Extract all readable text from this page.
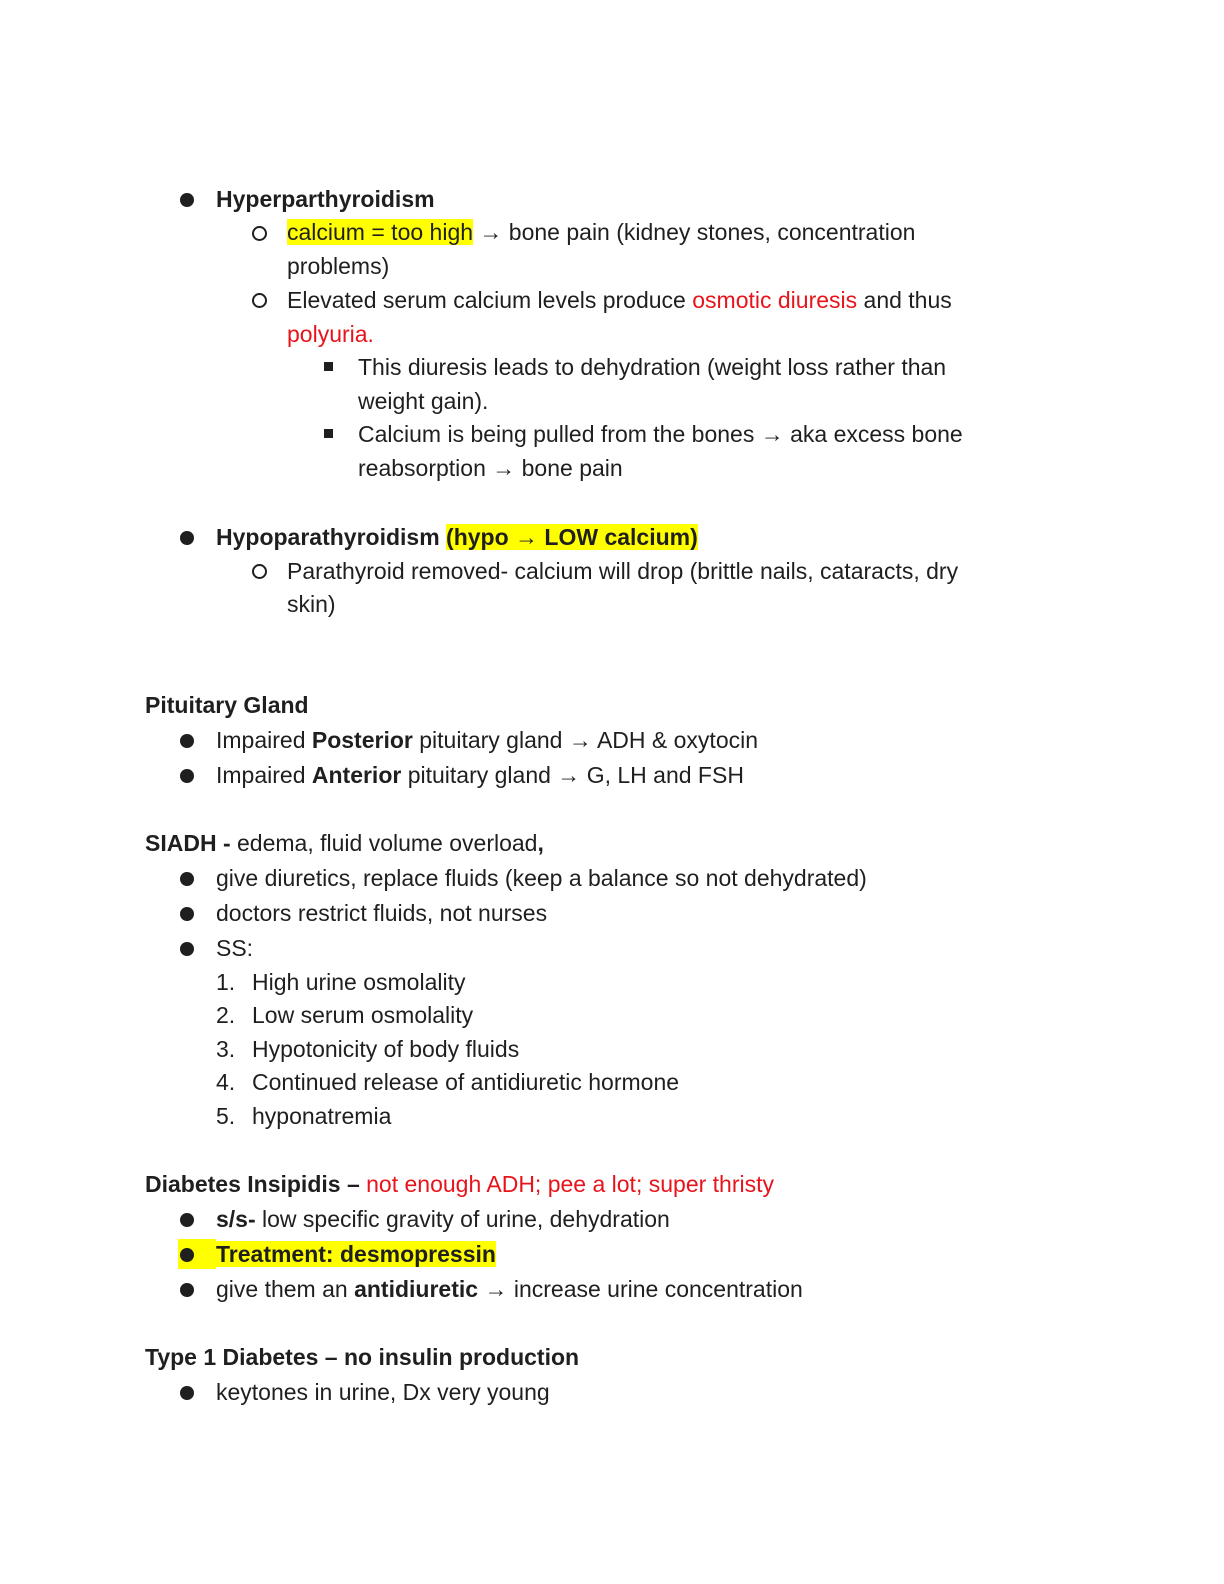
Hyperparthyroidism
calcium = too high → bone pain (kidney stones, concentration
problems)
Elevated serum calcium levels produce osmotic diuresis and thus
polyuria.
This diuresis leads to dehydration (weight loss rather than
weight gain).
Calcium is being pulled from the bones → aka excess bone
reabsorption → bone pain
Hypoparathyroidism (hypo → LOW calcium)
Parathyroid removed- calcium will drop (brittle nails, cataracts, dry
skin)
Pituitary Gland
Impaired Posterior pituitary gland → ADH & oxytocin
Impaired Anterior pituitary gland → G, LH and FSH
SIADH - edema, fluid volume overload,
give diuretics, replace fluids (keep a balance so not dehydrated)
doctors restrict fluids, not nurses
SS:
1. High urine osmolality
2. Low serum osmolality
3. Hypotonicity of body fluids
4. Continued release of antidiuretic hormone
5. hyponatremia
Diabetes Insipidis – not enough ADH; pee a lot; super thristy
s/s- low specific gravity of urine, dehydration
Treatment: desmopressin
give them an antidiuretic → increase urine concentration
Type 1 Diabetes – no insulin production
keytones in urine, Dx very young
